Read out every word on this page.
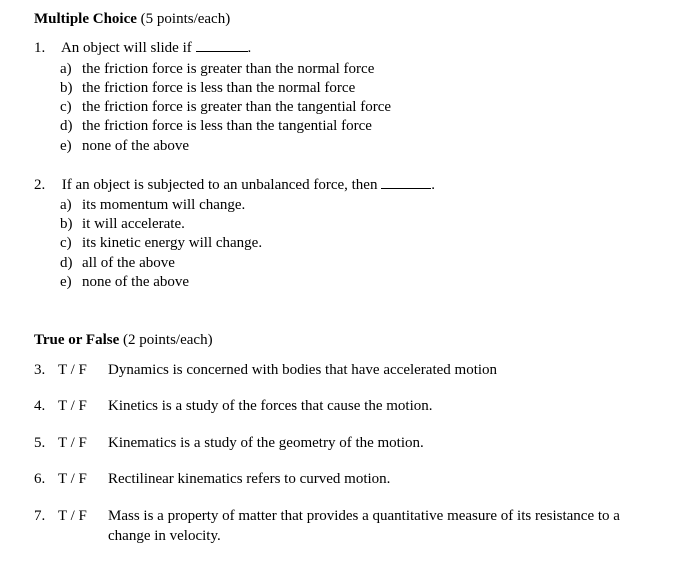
Multiple Choice (5 points/each)
1. An object will slide if	.
a) the friction force is greater than the normal force
b) the friction force is less than the normal force
c) the friction force is greater than the tangential force
d) the friction force is less than the tangential force
e) none of the above
2. If an object is subjected to an unbalanced force, then	.
a) its momentum will change.
b) it will accelerate.
c) its kinetic energy will change.
d) all of the above
e) none of the above
True or False (2 points/each)
3. T / F Dynamics is concerned with bodies that have accelerated motion
4. T / F Kinetics is a study of the forces that cause the motion.
5. T / F Kinematics is a study of the geometry of the motion.
6. T / F Rectilinear kinematics refers to curved motion.
7. T / F Mass is a property of matter that provides a quantitative measure of its resistance to a
change in velocity.
